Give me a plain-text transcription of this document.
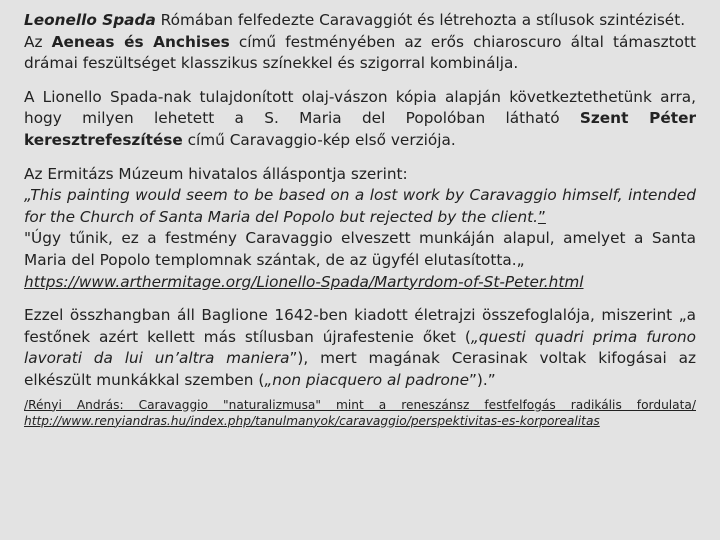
Leonello Spada Rómában felfedezte Caravaggiót és létrehozta a stílusok szintézisét.

Az Aeneas és Anchises című festményében az erős chiaroscuro által támasztott drámai feszültséget klasszikus színekkel és szigorral kombinálja.

A Lionello Spada-nak tulajdonított olaj-vászon kópia alapján következtethetünk arra, hogy milyen lehetett a S. Maria del Popolóban látható Szent Péter keresztrefeszítése című Caravaggio-kép első verziója.

Az Ermitázs Múzeum hivatalos álláspontja szerint:
„This painting would seem to be based on a lost work by Caravaggio himself, intended for the Church of Santa Maria del Popolo but rejected by the client.”
"Úgy tűnik, ez a festmény Caravaggio elveszett munkáján alapul, amelyet a Santa Maria del Popolo templomnak szántak, de az ügyfél elutasította.„
https://www.arthermitage.org/Lionello-Spada/Martyrdom-of-St-Peter.html

Ezzel összhangban áll Baglione 1642-ben kiadott életrajzi összefoglalója, miszerint „a festőnek azért kellett más stílusban újrafestenie őket („questi quadri prima furono lavorati da lui un’altra maniera”), mert magának Cerasinak voltak kifogásai az elkészült munkákkal szemben („non piacquero al padrone”).”

/Rényi András: Caravaggio "naturalizmusa" mint a reneszánsz festfelfogás radikális fordulata/ http://www.renyiandras.hu/index.php/tanulmanyok/caravaggio/perspektivitas-es-korporealitas
